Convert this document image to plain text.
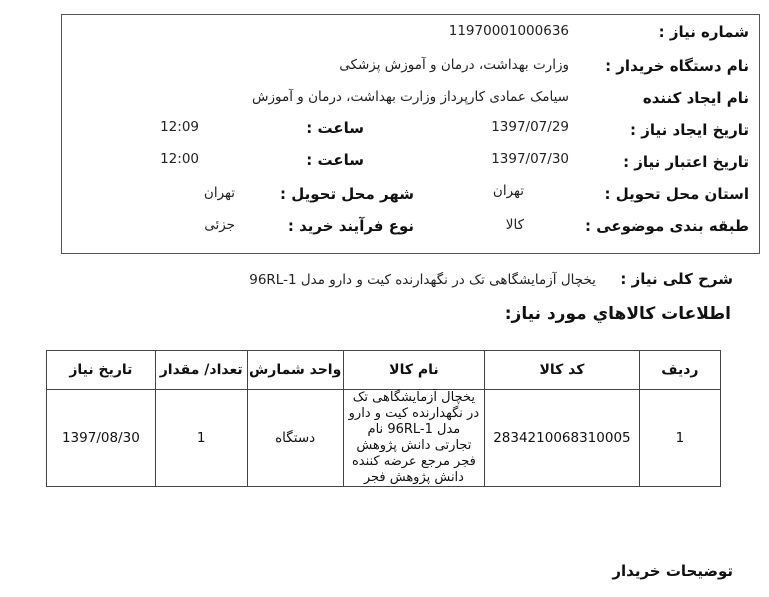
شماره نیاز :
11970001000636
نام دستگاه خریدار :
وزارت بهداشت، درمان و آموزش پزشکی
نام ایجاد کننده
سیامک عمادی کارپرداز وزارت بهداشت، درمان و آموزش
تاریخ ایجاد نیاز :
1397/07/29
ساعت :
12:09
تاریخ اعتبار نیاز :
1397/07/30
ساعت :
12:00
استان محل تحویل :
تهران
شهر محل تحویل :
تهران
طبقه بندی موضوعی :
کالا
نوع فرآیند خرید :
جزئی
شرح کلی نیاز : یخچال آزمایشگاهی تک در نگهدارنده کیت و دارو مدل 96RL-1
اطلاعات کالاهاي مورد نیاز:
ردیف	کد کالا	نام کالا	واحد شمارش	تعداد/ مقدار	تاریخ نیاز
1	2834210068310005	یخچال آزمایشگاهی تک در نگهدارنده کیت و دارو مدل 96RL-1 نام تجارتی دانش پژوهش فجر مرجع عرضه کننده دانش پژوهش فجر	دستگاه	1	1397/08/30
توضیحات خریدار
